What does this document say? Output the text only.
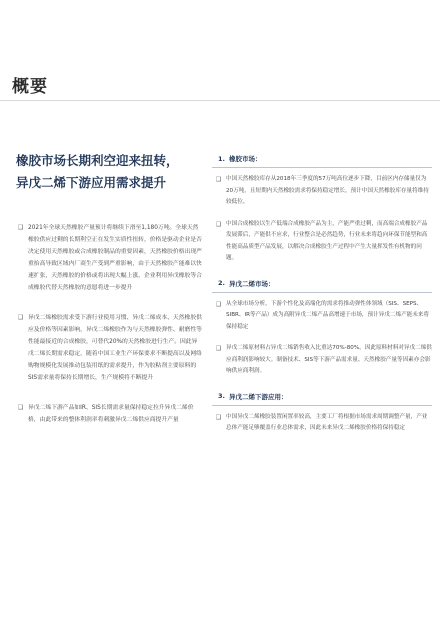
概要
橡胶市场长期利空迎来扭转，
异戊二烯下游应用需求提升
❑ 2021年全球天然橡胶产量预计将继续下滑至1,180万吨。全球天然橡胶供应过剩的长期利空正在发生实质性扭转，价格是驱动企业是否决定使用天然橡胶或合成橡胶制品的重要因素，天然橡胶价格出现严重抬高导致区域内厂商生产受到严重影响，由于天然橡胶产能难以快速扩张，天然橡胶的价格或将出现大幅上涨，企业利用异戊橡胶等合成橡胶代替天然橡胶的意愿将进一步提升
❑ 异戊二烯橡胶需求受下游行业使用习惯、异戊二烯成本、天然橡胶供应及价格等因素影响，异戊二烯橡胶作为与天然橡胶弹性、耐磨性等性能最接近的合成橡胶，可替代20%的天然橡胶进行生产。因此异戊二烯长期需求稳定，随着中国工业生产环保要求不断提高以及网络购物规模化发展推动包装用纸的需求提升，作为胶粘剂主要原料的SIS需求量将保持长期增长，生产规模将不断提升
❑ 异戊二烯下游产品如IR、SIS长期需求量保持稳定拉升异戊二烯价格，由此带来的整体利润率将刺激异戊二烯供应商提升产量
1. 橡胶市场：
❑ 中国天然橡胶库存从2018年三季度的57万吨高位逐步下降，目前区内存储量仅为20万吨，且短期内天然橡胶需求将保持稳定增长，预计中国天然橡胶库存量将维持较低位。
❑ 中国合成橡胶以生产低端合成橡胶产品为主，产能严重过剩，而高端合成橡胶产品发展滞后，产能供不应求，行业整合是必然趋势，行业未来将趋向环保节能型和高性能高品质型产品发展，以解决合成橡胶生产过程中产生大量挥发性有机物的问题。
2. 异戊二烯市场：
❑ 从全球市场分析，下游个性化及高端化的需求将推动弹性体领域（SIS、SEPS、SIBR、IR等产品）成为高附异戊二烯产品高增速于市场，预计异戊二烯产能未来将保持稳定
❑ 异戊二烯原材料占异戊二烯销售收入比重达70%-80%，因此原料材料对异戊二烯供应商利润影响较大。制备技术、SIS等下游产品需求量、天然橡胶产量等因素亦会影响供应商利润。
3. 异戊二烯下游应用：
❑ 中国异戊二烯橡胶装置闲置率较高，主要工厂将根据市场需求周期调整产量，产业总体产能足够覆盖行业总体需求，因此未来异戊二烯橡胶价格将保持稳定
